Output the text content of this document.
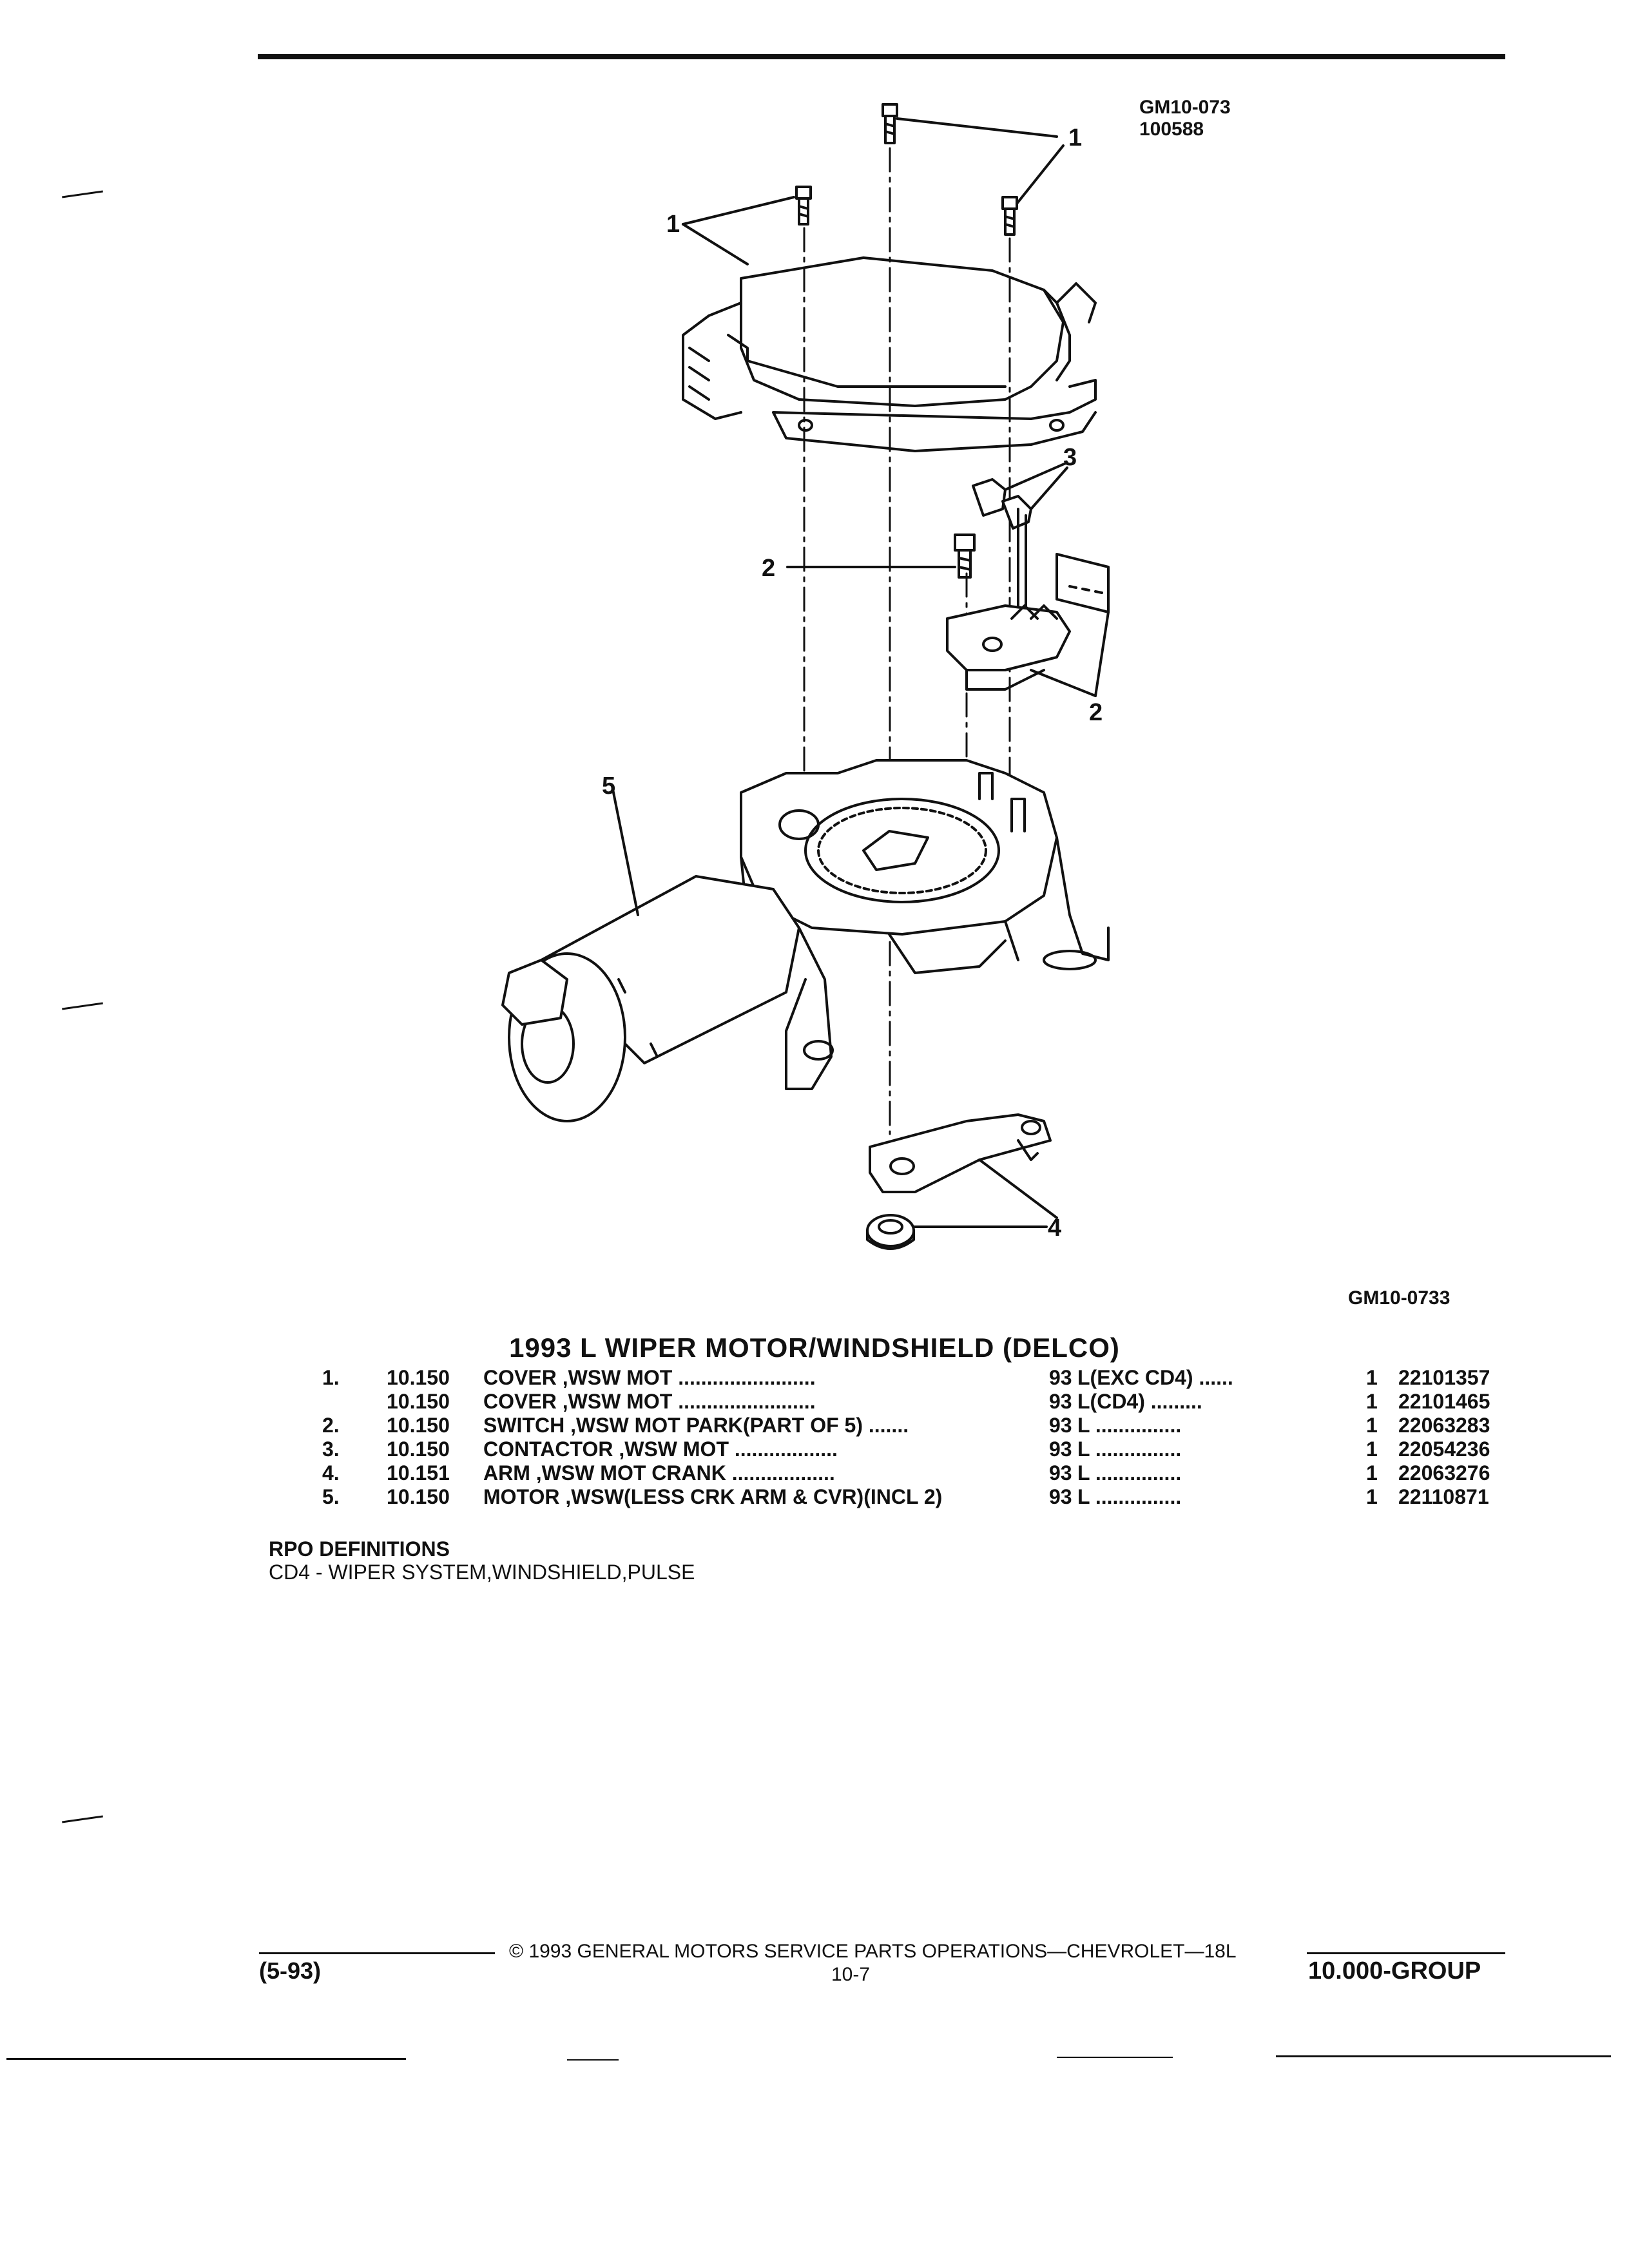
GM10-073
100588
1
1
2
3
2
5
4
GM10-0733
1993 L WIPER MOTOR/WINDSHIELD (DELCO)
1. 10.150 COVER ,WSW MOT ........................	93 L(EXC CD4) ......	1 22101357
10.150 COVER ,WSW MOT ........................	93 L(CD4) .........	1 22101465
2. 10.150 SWITCH ,WSW MOT PARK(PART OF 5) .......	93 L ...............	1 22063283
3. 10.150 CONTACTOR ,WSW MOT ..................	93 L ...............	1 22054236
4. 10.151 ARM ,WSW MOT CRANK ..................	93 L ...............	1 22063276
5. 10.150 MOTOR ,WSW(LESS CRK ARM & CVR)(INCL 2)	93 L ...............	1 22110871
RPO DEFINITIONS
CD4 - WIPER SYSTEM,WINDSHIELD,PULSE
© 1993 GENERAL MOTORS SERVICE PARTS OPERATIONS—CHEVROLET—18L
(5-93)	10-7	10.000-GROUP
